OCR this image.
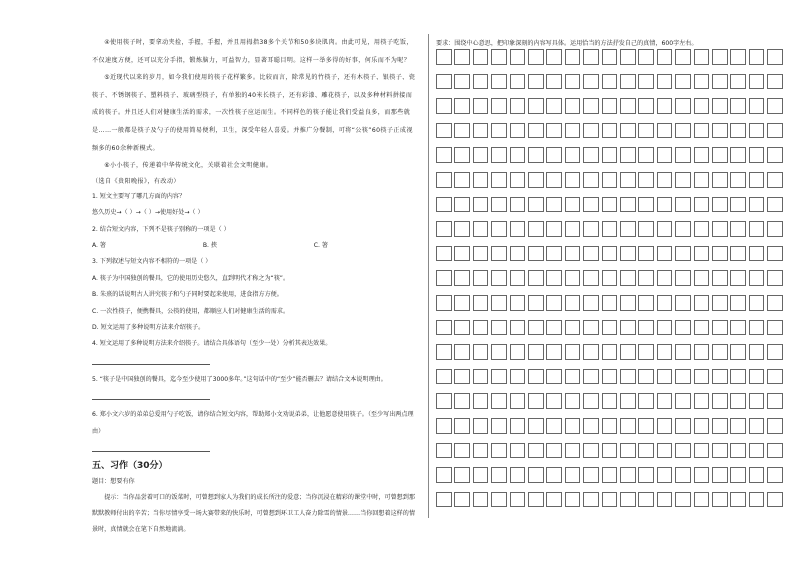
④使用筷子时，要拿动夹捡，手握，手握，并且用拇指38多个关节和50多块肌肉。由此可见，用筷子吃饭，不仅速度方便，还可以充分手指，锻炼脑力，可益智力，显著耳聪目明。这样一举多得的好事，何乐而不为呢？

⑤近现代以来的岁月，如今我们使用的筷子花样繁多。比较而言，除常见的竹筷子，还有木筷子、银筷子、瓷筷子、不锈钢筷子、塑料筷子、玻璃型筷子，有单独的40米长筷子，还有彩漆、雕花筷子，以及多种材料拼接而成的筷子。并且还人们对健康生活的需求，一次性筷子应运而生。不同样色的筷子能让我们受益良多，而那些就是……一般都是筷子及勺子的使用简易便利，卫生，深受年轻人喜爱。并推广分餐制，可将“公筷”60筷子正成视频多的60余种新模式。

⑥小小筷子，传递着中华传统文化，关联着社会文明健康。

（选自《贵阳晚报》，有改动）

1. 短文主要写了哪几方面的内容？

悠久历史→（ ）→（ ）→使用好处→（ ）

2. 结合短文内容，下列不是筷子别称的一项是（ ）

A. 箸	B. 挟	C. 箸

3. 下列叙述与短文内容不相符的一项是（ ）

A. 筷子为中国独创的餐具，它的使用历史悠久，直到明代才称之为“筷”。

B. 朱熹的话说明古人讲究筷子和勺子同时要起来使用，进食指方方便。

C. 一次性筷子，便携餐具，公筷的使用，都顺应人们对健康生活的需求。

D. 短文运用了多种说明方法来介绍筷子。

4. 短文运用了多种说明方法来介绍筷子。请结合具体语句（至少一处）分析其表达效果。

5. “筷子是中国独创的餐具，迄今至少使用了3000多年。”这句话中的“至少”能否删去？请结合文本说明理由。

6. 郑小文六岁的弟弟总爱用勺子吃饭，请你结合短文内容，帮助郑小文劝说弟弟，让他愿意使用筷子。（至少写出两点理由）

五、习作（30分）

题目：想要有你

提示：当你品尝着可口的饭菜时，可曾想到家人为我们的成长所注的爱意；当你沉浸在精彩的课堂中时，可曾想到那默默教师付出的辛苦；当你尽情享受一场大赛带来的快乐时，可曾想到环卫工人奋力除雪的情景……当你回想着这样的情景时，真情就会在笔下自然地流淌。

要求：围绕中心意思，把印象深刻的内容写具体。运用恰当的方法抒发自己的真情，600字左右。
